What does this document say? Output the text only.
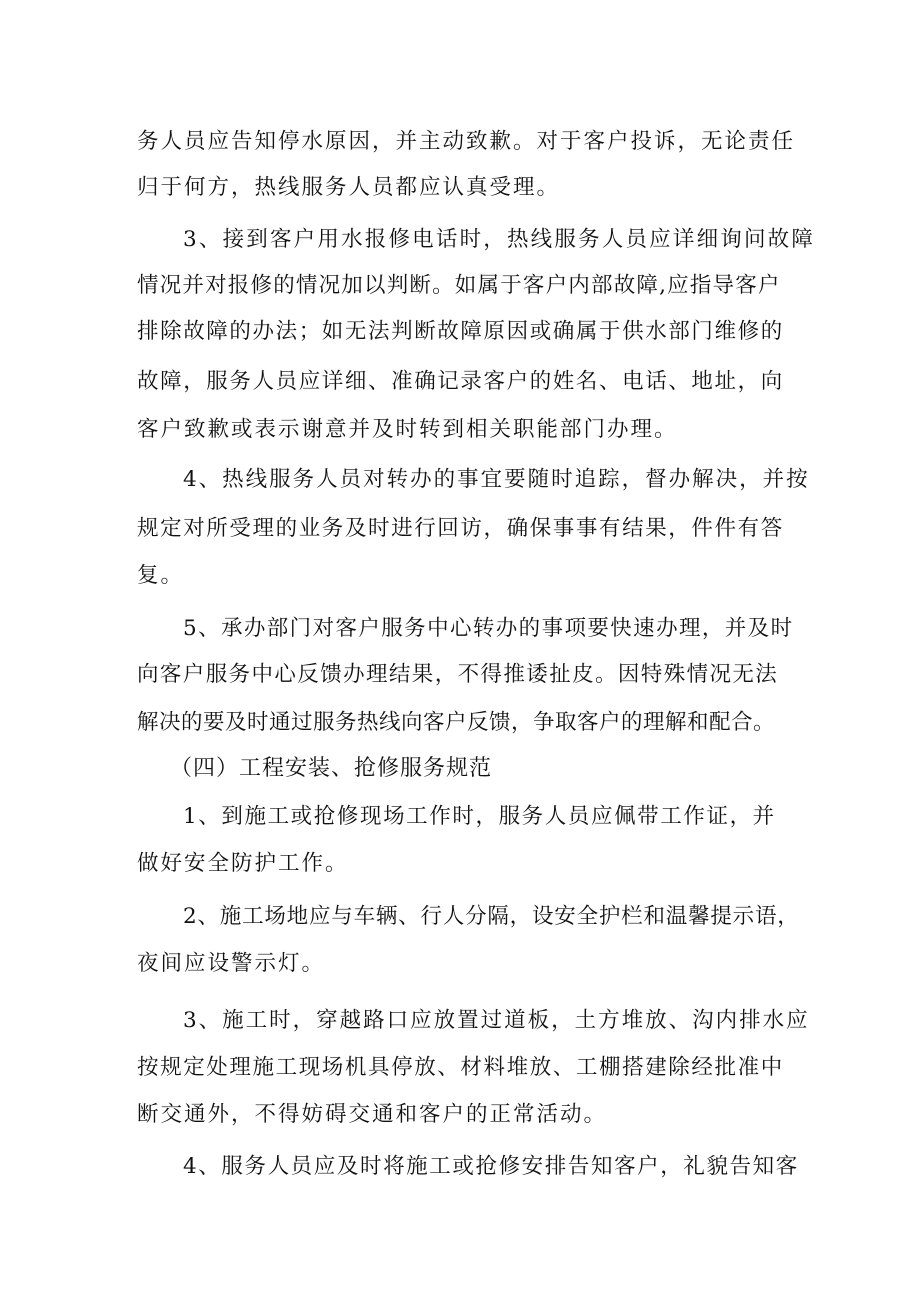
务人员应告知停水原因，并主动致歉。对于客户投诉，无论责任
归于何方，热线服务人员都应认真受理。
3、接到客户用水报修电话时，热线服务人员应详细询问故障
情况并对报修的情况加以判断。如属于客户内部故障,应指导客户
排除故障的办法；如无法判断故障原因或确属于供水部门维修的
故障，服务人员应详细、准确记录客户的姓名、电话、地址，向
客户致歉或表示谢意并及时转到相关职能部门办理。
4、热线服务人员对转办的事宜要随时追踪，督办解决，并按
规定对所受理的业务及时进行回访，确保事事有结果，件件有答
复。
5、承办部门对客户服务中心转办的事项要快速办理，并及时
向客户服务中心反馈办理结果，不得推诿扯皮。因特殊情况无法
解决的要及时通过服务热线向客户反馈，争取客户的理解和配合。
（四）工程安装、抢修服务规范
1、到施工或抢修现场工作时，服务人员应佩带工作证，并
做好安全防护工作。
2、施工场地应与车辆、行人分隔，设安全护栏和温馨提示语，
夜间应设警示灯。
3、施工时，穿越路口应放置过道板，土方堆放、沟内排水应
按规定处理施工现场机具停放、材料堆放、工棚搭建除经批准中
断交通外，不得妨碍交通和客户的正常活动。
4、服务人员应及时将施工或抢修安排告知客户，礼貌告知客
